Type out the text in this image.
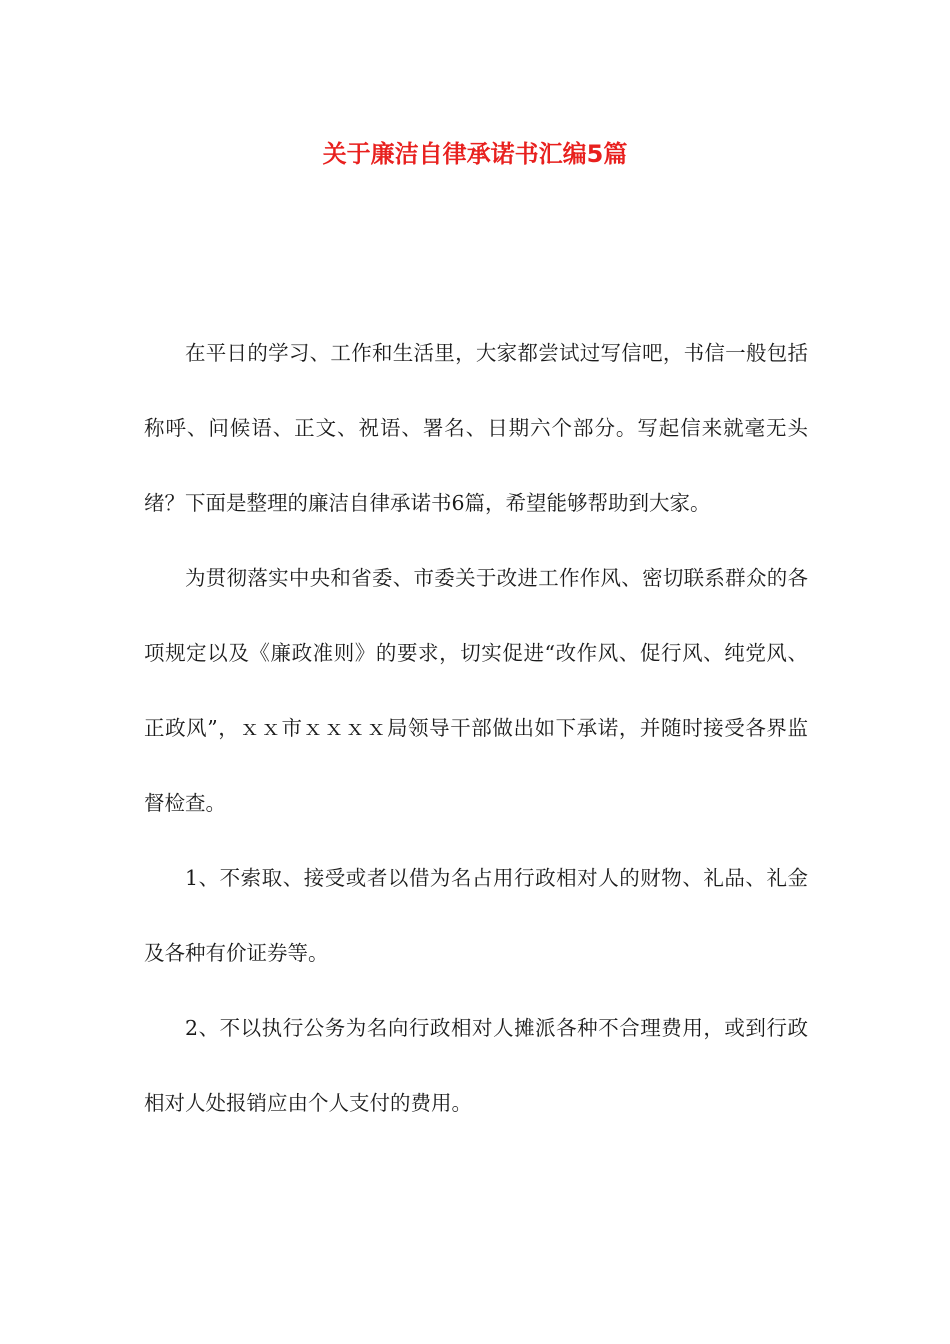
关于廉洁自律承诺书汇编5篇

在平日的学习、工作和生活里，大家都尝试过写信吧，书信一般包括称呼、问候语、正文、祝语、署名、日期六个部分。写起信来就毫无头绪？下面是整理的廉洁自律承诺书6篇，希望能够帮助到大家。

为贯彻落实中央和省委、市委关于改进工作作风、密切联系群众的各项规定以及《廉政准则》的要求，切实促进“改作风、促行风、纯党风、正政风”，ｘｘ市ｘｘｘｘ局领导干部做出如下承诺，并随时接受各界监督检查。

1、不索取、接受或者以借为名占用行政相对人的财物、礼品、礼金及各种有价证券等。

2、不以执行公务为名向行政相对人摊派各种不合理费用，或到行政相对人处报销应由个人支付的费用。
